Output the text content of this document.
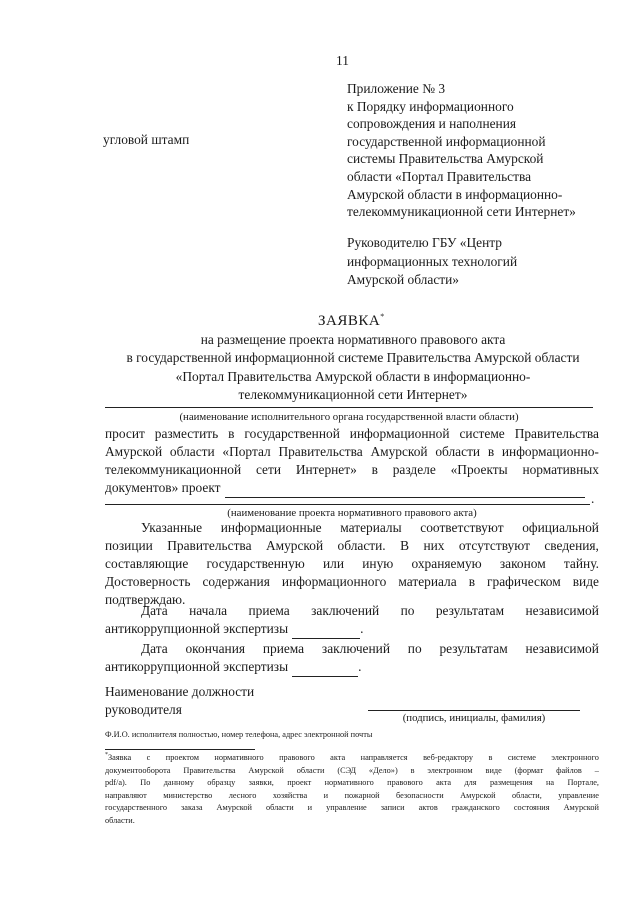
11
Приложение № 3
к Порядку информационного
сопровождения и наполнения
государственной информационной
системы Правительства Амурской
области «Портал Правительства
Амурской области в информационно-
телекоммуникационной сети Интернет»
угловой штамп
Руководителю ГБУ «Центр
информационных технологий
Амурской области»
ЗАЯВКА*
на размещение проекта нормативного правового акта
в государственной информационной системе Правительства Амурской области
«Портал Правительства Амурской области в информационно-
телекоммуникационной сети Интернет»
(наименование исполнительного органа государственной власти области)
просит разместить в государственной информационной системе Правительства
Амурской области «Портал Правительства Амурской области в информационно-
телекоммуникационной сети Интернет» в разделе «Проекты нормативных
документов» проект
.
(наименование проекта нормативного правового акта)
Указанные информационные материалы соответствуют официальной
позиции Правительства Амурской области. В них отсутствуют сведения,
составляющие государственную или иную охраняемую законом тайну.
Достоверность содержания информационного материала в графическом виде
подтверждаю.
Дата начала приема заключений по результатам независимой
антикоррупционной экспертизы	.
Дата окончания приема заключений по результатам независимой
антикоррупционной экспертизы	.
Наименование должности
руководителя
(подпись, инициалы, фамилия)
Ф.И.О. исполнителя полностью, номер телефона, адрес электронной почты
*Заявка с проектом нормативного правового акта направляется веб-редактору в системе электронного
документооборота Правительства Амурской области (СЭД «Дело») в электронном виде (формат файлов –
pdf/a). По данному образцу заявки, проект нормативного правового акта для размещения на Портале,
направляют министерство лесного хозяйства и пожарной безопасности Амурской области, управление
государственного заказа Амурской области и управление записи актов гражданского состояния Амурской
области.
